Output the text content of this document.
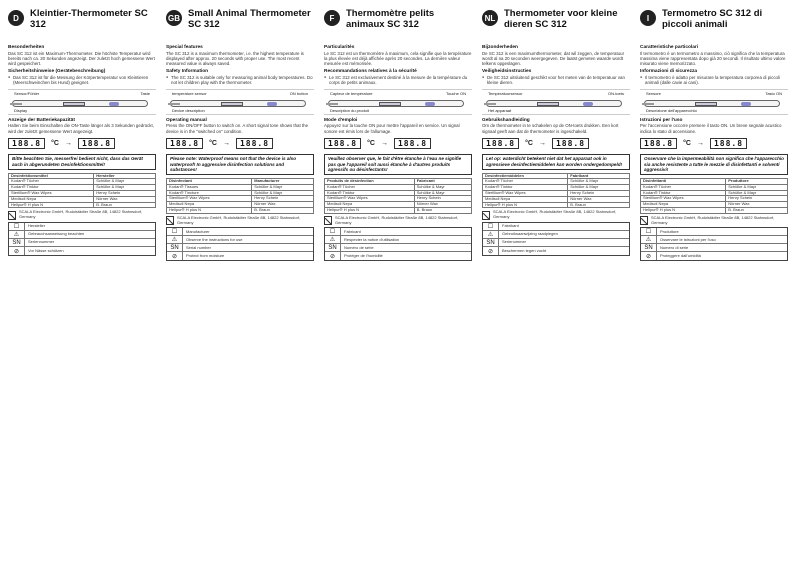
D	Kleintier-Thermometer SC 312
Besonderheiten
Das SC 312 ist ein Maximum-Thermometer. Die höchste Temperatur wird bereits nach ca. 20 Sekunden angezeigt. Der zuletzt hoch gemessene Wert wird gespeichert.
Sicherheitshinweise (Gerätebeschreibung)
● Das SC 312 ist für die Messung der Körpertemperatur von Kleintieren (Meerschweinchen bis Hund) geeignet.
Sensor/Fühler	Taste
Display
Anzeige der Batteriekapazität
Halten Sie beim Einschalten die ON-Taste länger als 3 Sekunden gedrückt, wird der zuletzt gemessene Wert angezeigt.
188.8	°C →	188.8
Bitte beachten Sie, messerfrei bedient nicht, dass das Gerät auch in abgerundeten Desinfektionsmittel!
Desinfektionsmittel	Hersteller
Kodan® Tücher	Schülke & Mayr
Kodan® Tinktur	Schülke & Mayr
Sterillium® Wax Wipes	Henry Schein
Mediscil Nepa	Nörner Wax
Helipur® H plus N	B. Braun
SCALA Electronic GmbH, Rudolstädter Straße 8B, 14822 Stahnsdorf, Germany
☐	Hersteller
⚠	Gebrauchsanweisung beachten
SN	Seriennummer
⊘	Vor Nässe schützen
GB Small Animal Thermometer SC 312
Special features
The SC 312 is a maximum thermometer, i.e. the highest temperature is displayed after approx. 20 seconds with proper use. The most recent measured value is always saved.
Safety Information
● The SC 312 is suitable only for measuring animal body temperatures. Do not let children play with the thermometer.
temperature sensor	ON button
Device description
Operating manual
Press the ON/OFF button to switch on. A short signal tone shows that the device is in the "switched on" condition.
188.8	°C →	188.8
Please note: Waterproof means not that the device is also waterproof! In aggressive disinfection solutions and substances!
Disinfectant	Manufacturer
Kodan® Tissues	Schülke & Mayr
Kodan® Tincture	Schülke & Mayr
Sterillium® Wax Wipes	Henry Schein
Mediscil Nepa	Nörner Wax
Helipur® H plus N	B. Braun
SCALA Electronic GmbH, Rudolstädter Straße 8B, 14822 Stahnsdorf, Germany
☐	Manufacturer
⚠	Observe the instructions for use
SN	Serial number
⊘	Protect from moisture
F	Thermomètre pelits animaux SC 312
Particularités
Le SC 312 est un thermomètre à maximum, cela signifie que la température la plus élevée est déjà affichée après 20 secondes. La dernière valeur mesurée est mémorisée.
Recommandations relatives à la sécurité
● Le SC 312 est exclusivement destiné à la mesure de la température du corps de petits animaux.
Capteur de température	Touche ON
Description du produit
Mode d'emploi
Appuyez sur la touche ON pour mettre l'appareil en service. Un signal sonore est émis lors de l'allumage.
188.8	°C →	188.8
Veuillez observer que, le fait d'être étanche à l'eau ne signifie pas que l'appareil soit aussi étanche à d'autres produits agressifs ou désinfectants!
Produits de désinfection	Fabricant
Kodan® Tücher	Schülke & Mayr
Kodan® Tinktur	Schülke & Mayr
Sterillium® Wax Wipes	Henry Schein
Mediscil Nepa	Nörner Wax
Helipur® H plus N	B. Braun
SCALA Electronic GmbH, Rudolstädter Straße 8B, 14822 Stahnsdorf, Germany
☐	Fabricant
⚠	Respecter la notice d'utilisation
SN	Numéro de série
⊘	Protéger de l'humidité
NL Thermometer voor kleine dieren SC 312
Bijzonderheden
De SC 312 is een maximumthermometer, dat wil zeggen, de temperatuur wordt al na 20 seconden weergegeven. De laatst gemeten waarde wordt telkens opgeslagen.
Veiligheidsinstructies
● De SC 312 uitsluitend geschikt voor het meten van de temperatuur van kleine dieren.
Temperatuursensor	ON-toets
Het apparaat
Gebruikshandleiding
Om de thermometer in te schakelen op de ON-toets drukken. Een kort signaal geeft aan dat de thermometer is ingeschakeld.
188.8	°C →	188.8
Let op: waterdicht betekent niet dat het apparaat ook in agressieve desinfectiemiddelen kan worden ondergedompeld!
Desinfectiemiddelen	Fabrikant
Kodan® Tücher	Schülke & Mayr
Kodan® Tinktur	Schülke & Mayr
Sterillium® Wax Wipes	Henry Schein
Mediscil Nepa	Nörner Wax
Helipur® H plus N	B. Braun
SCALA Electronic GmbH, Rudolstädter Straße 8B, 14822 Stahnsdorf, Germany
☐	Fabrikant
⚠	Gebruiksaanwijzing raadplegen
SN	Serienummer
⊘	Beschermen tegen vocht
I	Termometro SC 312 di piccoli animali
Caratteristiche particolari
Il termometro è un termometro a massimo, ciò significa che la temperatura massima viene rappresentata dopo già 20 secondi. Il risultato ultimo valore misurato viene memorizzato.
Informazioni di sicurezza
● Il termometro è adatto per misurare la temperatura corporea di piccoli animali (dalle cavie ai cani).
Sensore	Tasto ON
Descrizione dell'apparecchio
Istruzioni per l'uso
Per l'accensione occorre premere il tasto ON. Un breve segnale acustico indica lo stato di accensione.
188.8	°C →	188.8
Osservare che la impermeabilità non significa che l'apparecchio sia anche resistente a tutte le mezzie di disinfettanti e solventi aggressivi!
Disinfettanti	Produttore
Kodan® Tücher	Schülke & Mayr
Kodan® Tinktur	Schülke & Mayr
Sterillium® Wax Wipes	Henry Schein
Mediscil Nepa	Nörner Wax
Helipur® H plus N	B. Braun
SCALA Electronic GmbH, Rudolstädter Straße 8B, 14822 Stahnsdorf, Germany
☐	Produttore
⚠	Osservare le istruzioni per l'uso
SN	Numero di serie
⊘	Proteggere dall'umidità
